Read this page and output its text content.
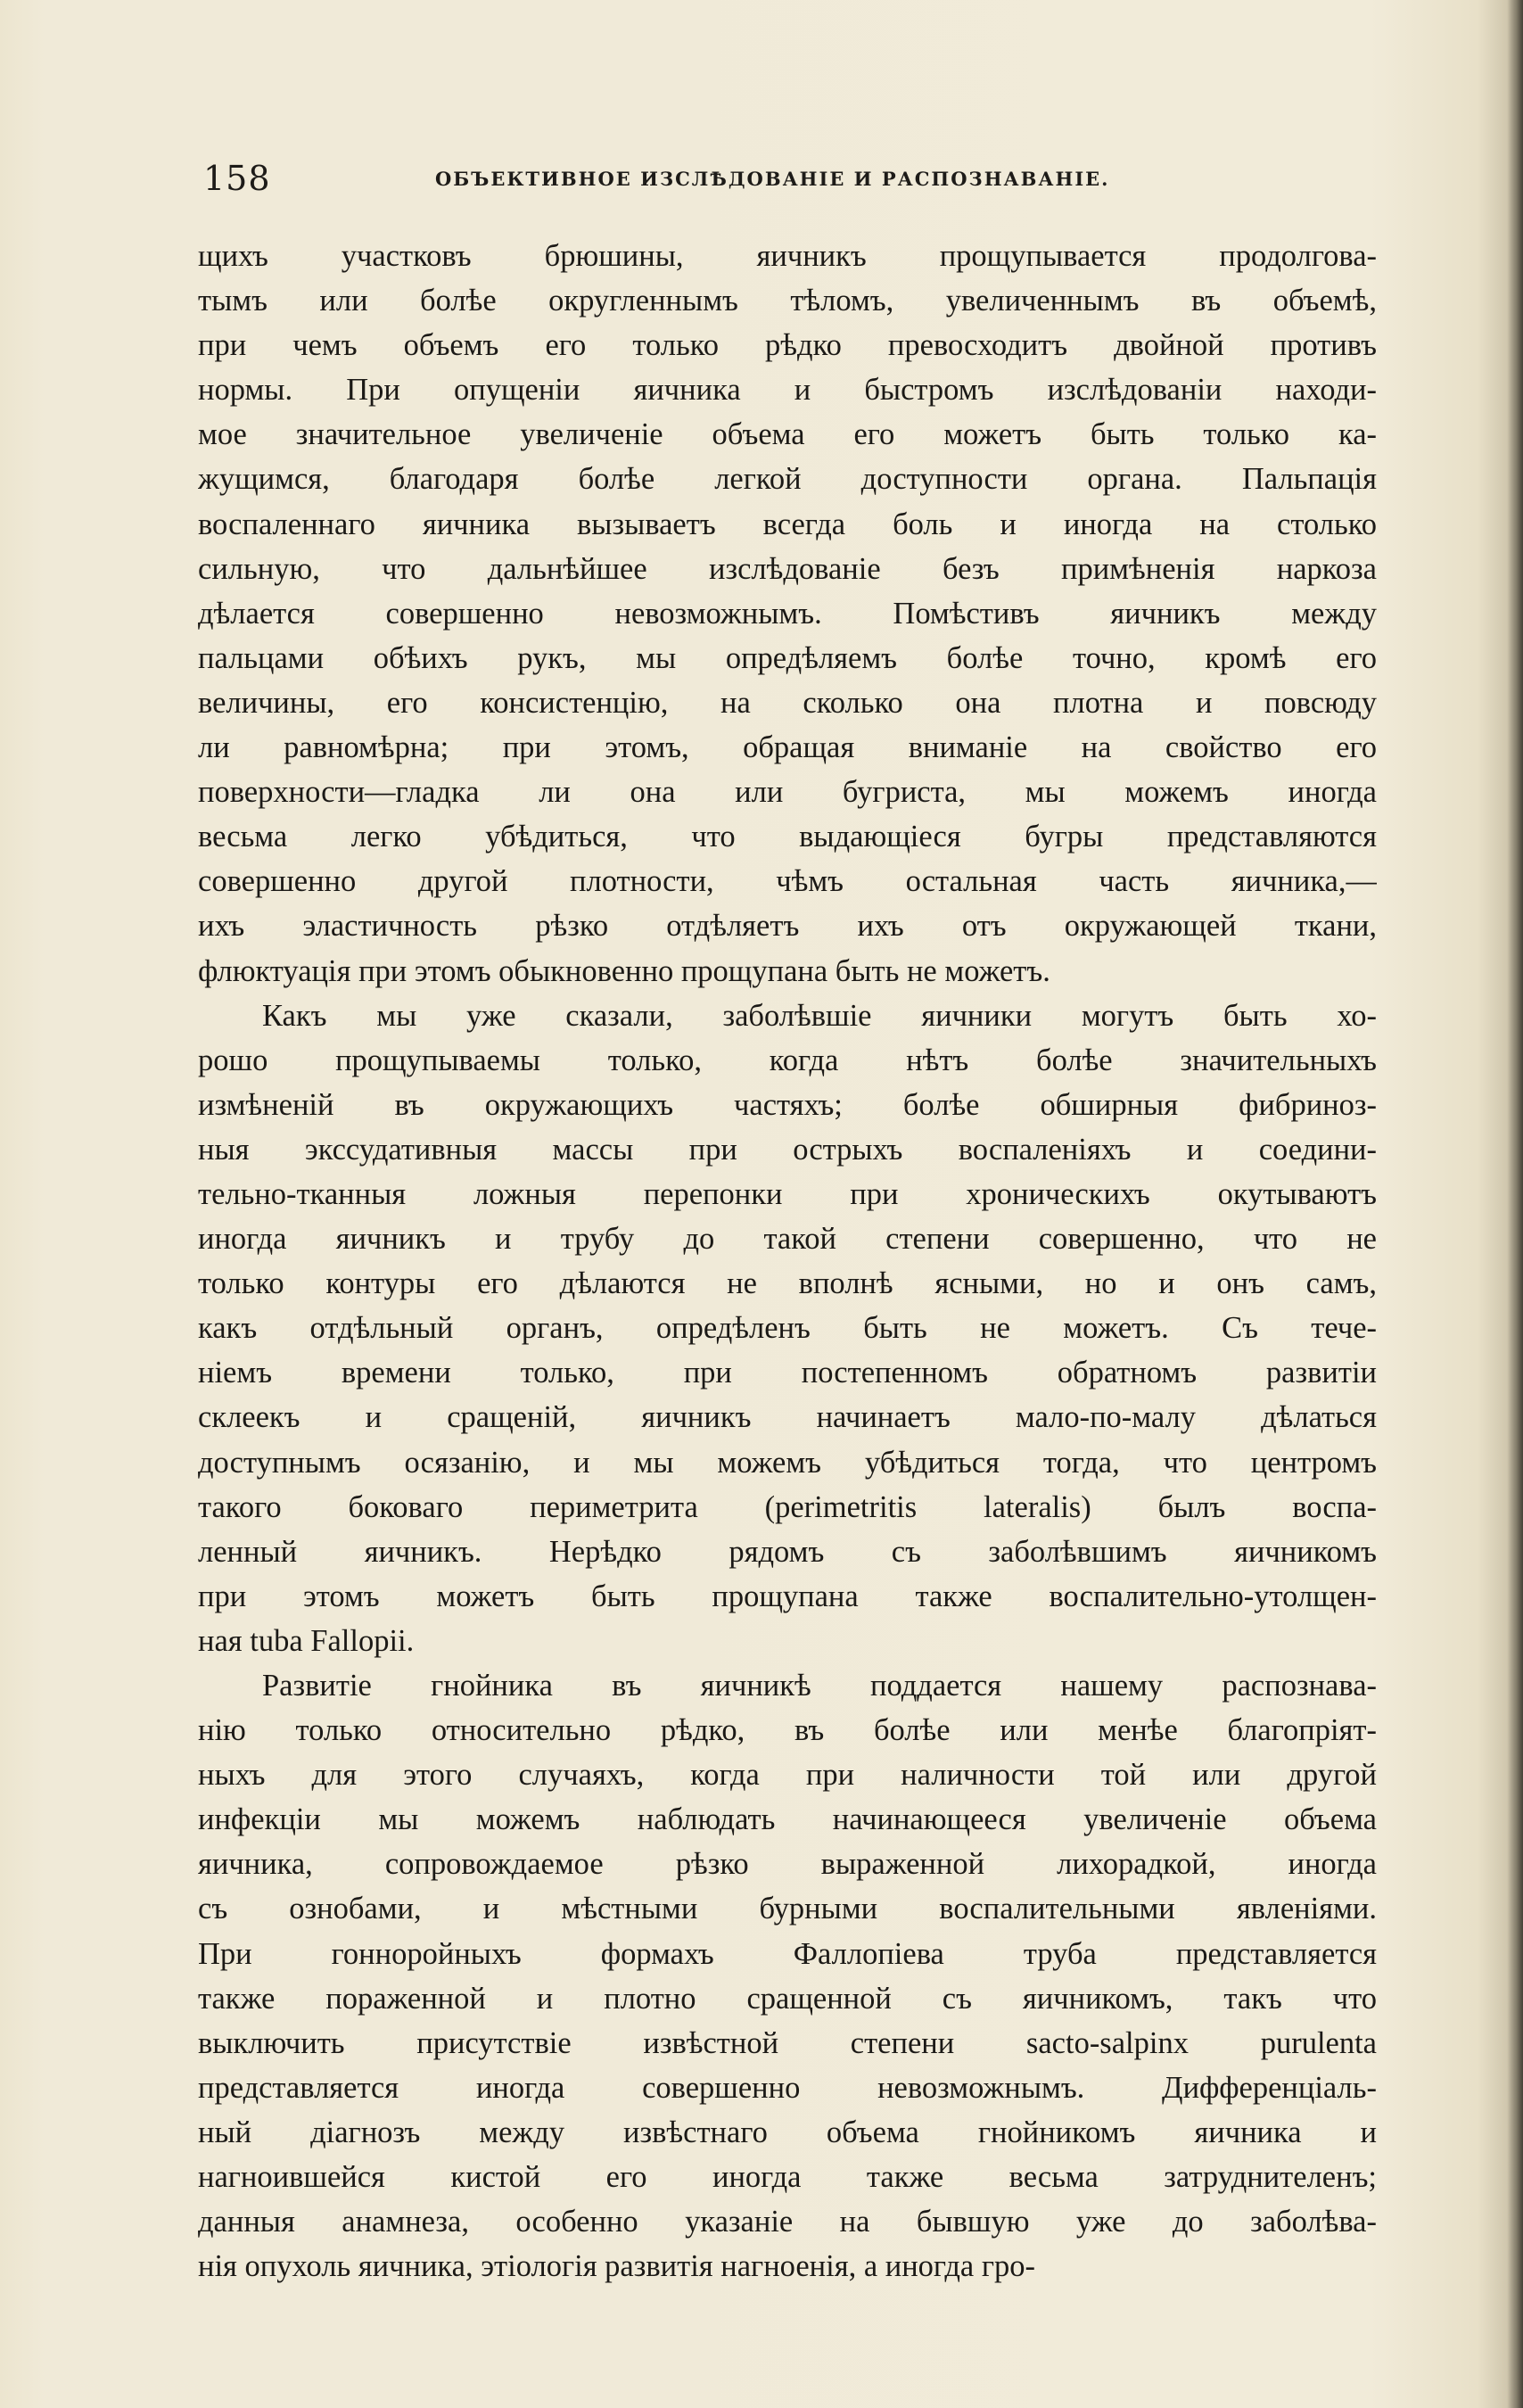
158	ОБЪЕКТИВНОЕ ИЗСЛѢДОВАНІЕ И РАСПОЗНАВАНІЕ.
щихъ участковъ брюшины, яичникъ прощупывается продолгова-
тымъ или болѣе округленнымъ тѣломъ, увеличеннымъ въ объемѣ,
при чемъ объемъ его только рѣдко превосходитъ двойной противъ
нормы. При опущеніи яичника и быстромъ изслѣдованіи находи-
мое значительное увеличеніе объема его можетъ быть только ка-
жущимся, благодаря болѣе легкой доступности органа. Пальпація
воспаленнаго яичника вызываетъ всегда боль и иногда на столько
сильную, что дальнѣйшее изслѣдованіе безъ примѣненія наркоза
дѣлается совершенно невозможнымъ. Помѣстивъ яичникъ между
пальцами обѣихъ рукъ, мы опредѣляемъ болѣе точно, кромѣ его
величины, его консистенцію, на сколько она плотна и повсюду
ли равномѣрна; при этомъ, обращая вниманіе на свойство его
поверхности—гладка ли она или бугриста, мы можемъ иногда
весьма легко убѣдиться, что выдающіеся бугры представляются
совершенно другой плотности, чѣмъ остальная часть яичника,—
ихъ эластичность рѣзко отдѣляетъ ихъ отъ окружающей ткани,
флюктуація при этомъ обыкновенно прощупана быть не можетъ.
Какъ мы уже сказали, заболѣвшіе яичники могутъ быть хо-
рошо прощупываемы только, когда нѣтъ болѣе значительныхъ
измѣненій въ окружающихъ частяхъ; болѣе обширныя фибриноз-
ныя экссудативныя массы при острыхъ воспаленіяхъ и соедини-
тельно-тканныя ложныя перепонки при хроническихъ окутываютъ
иногда яичникъ и трубу до такой степени совершенно, что не
только контуры его дѣлаются не вполнѣ ясными, но и онъ самъ,
какъ отдѣльный органъ, опредѣленъ быть не можетъ. Съ тече-
ніемъ времени только, при постепенномъ обратномъ развитіи
склеекъ и сращеній, яичникъ начинаетъ мало-по-малу дѣлаться
доступнымъ осязанію, и мы можемъ убѣдиться тогда, что центромъ
такого боковаго периметрита (perimetritis lateralis) былъ воспа-
ленный яичникъ. Нерѣдко рядомъ съ заболѣвшимъ яичникомъ
при этомъ можетъ быть прощупана также воспалительно-утолщен-
ная tuba Fallopii.
Развитіе гнойника въ яичникѣ поддается нашему распознава-
нію только относительно рѣдко, въ болѣе или менѣе благопріят-
ныхъ для этого случаяхъ, когда при наличности той или другой
инфекціи мы можемъ наблюдать начинающееся увеличеніе объема
яичника, сопровождаемое рѣзко выраженной лихорадкой, иногда
съ ознобами, и мѣстными бурными воспалительными явленіями.
При гонноройныхъ формахъ Фаллопіева труба представляется
также пораженной и плотно сращенной съ яичникомъ, такъ что
выключить присутствіе извѣстной степени sacto-salpinx purulenta
представляется иногда совершенно невозможнымъ. Дифференціаль-
ный діагнозъ между извѣстнаго объема гнойникомъ яичника и
нагноившейся кистой его иногда также весьма затруднителенъ;
данныя анамнеза, особенно указаніе на бывшую уже до заболѣва-
нія опухоль яичника, этіологія развитія нагноенія, а иногда гро-
